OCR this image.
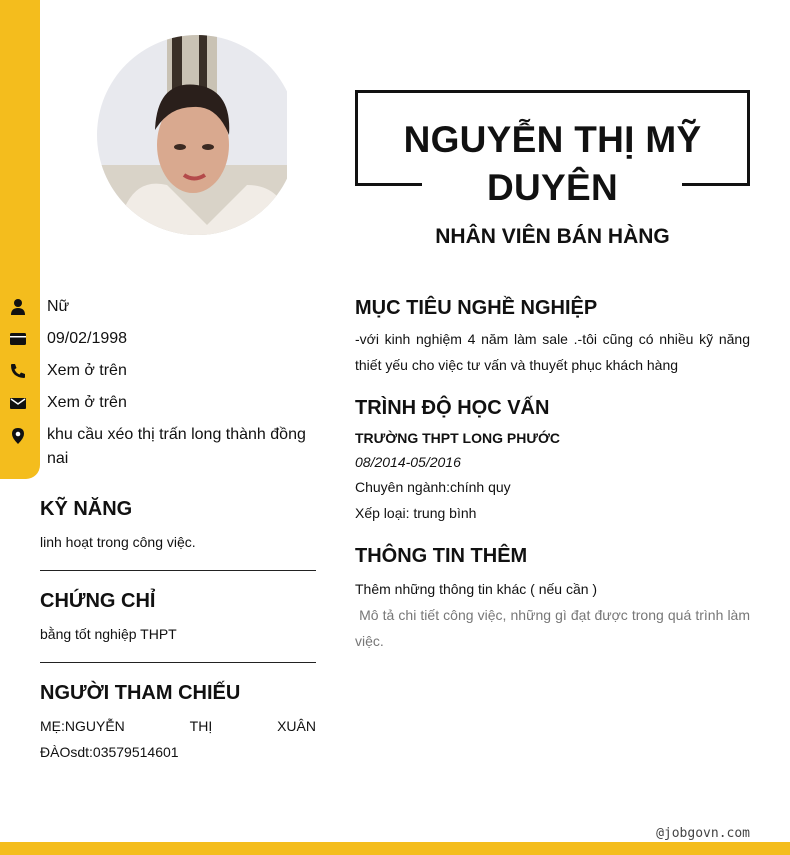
NGUYỄN THỊ MỸ DUYÊN
NHÂN VIÊN BÁN HÀNG
Nữ
09/02/1998
Xem ở trên
Xem ở trên
khu cầu xéo thị trấn long thành đồng nai
KỸ NĂNG
linh hoạt trong công việc.
CHỨNG CHỈ
bằng tốt nghiệp THPT
NGƯỜI THAM CHIẾU
MẸ:NGUYỄN	THỊ	XUÂN
ĐÀOsdt:03579514601
MỤC TIÊU NGHỀ NGHIỆP
-với kinh nghiệm 4 năm làm sale .-tôi cũng có nhiều kỹ năng thiết yếu cho việc tư vấn và thuyết phục khách hàng
TRÌNH ĐỘ HỌC VẤN
TRƯỜNG THPT LONG PHƯỚC
08/2014-05/2016
Chuyên ngành:chính quy
Xếp loại: trung bình
THÔNG TIN THÊM
Thêm những thông tin khác ( nếu cần )
Mô tả chi tiết công việc, những gì đạt được trong quá trình làm việc.
@jobgovn.com
